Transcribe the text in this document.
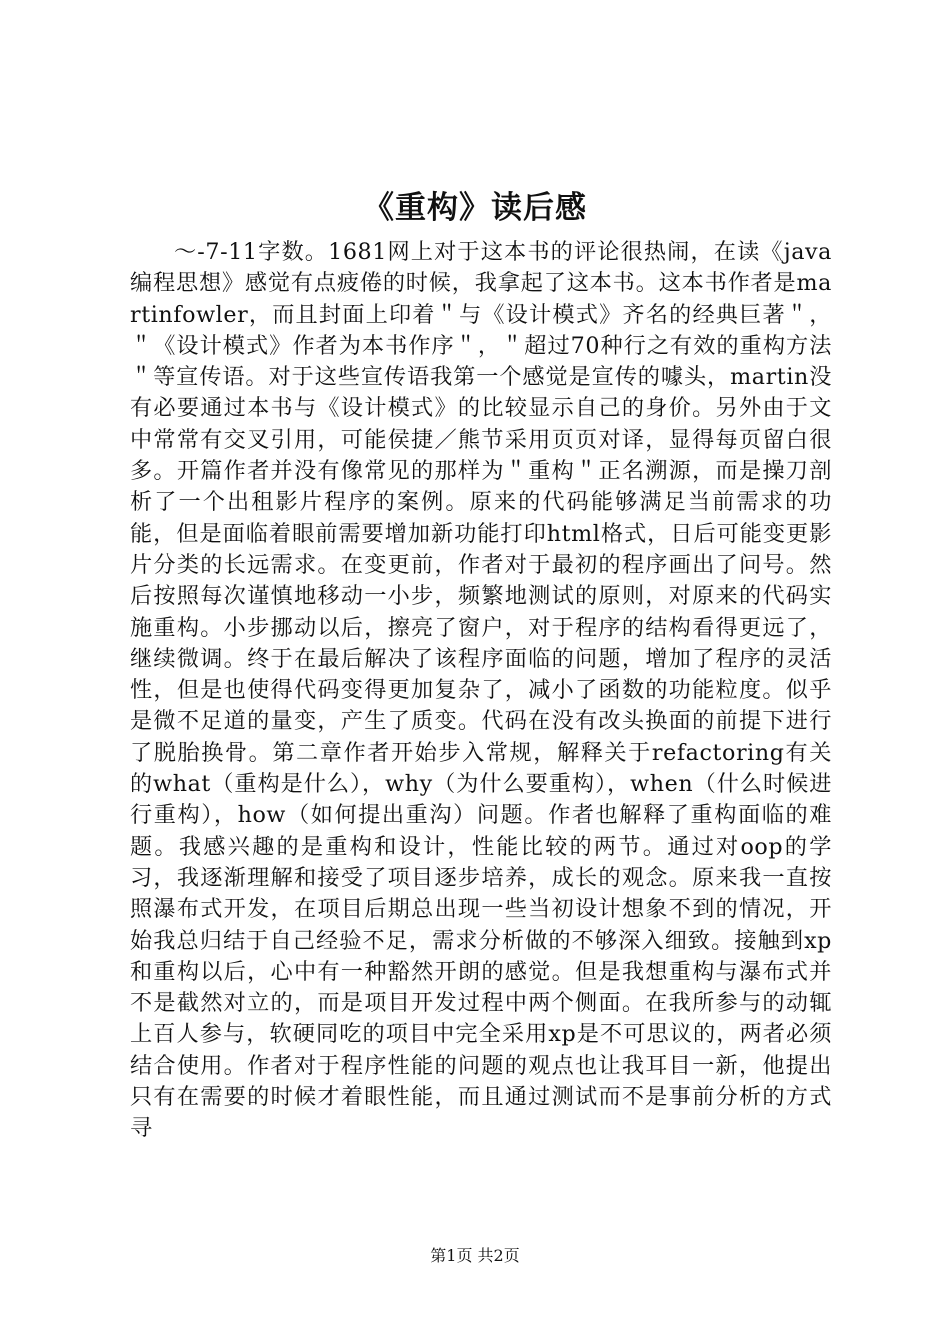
《重构》读后感

～-7-11字数。1681网上对于这本书的评论很热闹，在读《java编程思想》感觉有点疲倦的时候，我拿起了这本书。这本书作者是martinfowler，而且封面上印着＂与《设计模式》齐名的经典巨著＂，＂《设计模式》作者为本书作序＂，＂超过70种行之有效的重构方法＂等宣传语。对于这些宣传语我第一个感觉是宣传的噱头，martin没有必要通过本书与《设计模式》的比较显示自己的身价。另外由于文中常常有交叉引用，可能侯捷／熊节采用页页对译，显得每页留白很多。开篇作者并没有像常见的那样为＂重构＂正名溯源，而是操刀剖析了一个出租影片程序的案例。原来的代码能够满足当前需求的功能，但是面临着眼前需要增加新功能打印html格式，日后可能变更影片分类的长远需求。在变更前，作者对于最初的程序画出了问号。然后按照每次谨慎地移动一小步，频繁地测试的原则，对原来的代码实施重构。小步挪动以后，擦亮了窗户，对于程序的结构看得更远了，继续微调。终于在最后解决了该程序面临的问题，增加了程序的灵活性，但是也使得代码变得更加复杂了，减小了函数的功能粒度。似乎是微不足道的量变，产生了质变。代码在没有改头换面的前提下进行了脱胎换骨。第二章作者开始步入常规，解释关于refactoring有关的what（重构是什么），why（为什么要重构），when（什么时候进行重构），how（如何提出重沟）问题。作者也解释了重构面临的难题。我感兴趣的是重构和设计，性能比较的两节。通过对oop的学习，我逐渐理解和接受了项目逐步培养，成长的观念。原来我一直按照瀑布式开发，在项目后期总出现一些当初设计想象不到的情况，开始我总归结于自己经验不足，需求分析做的不够深入细致。接触到xp和重构以后，心中有一种豁然开朗的感觉。但是我想重构与瀑布式并不是截然对立的，而是项目开发过程中两个侧面。在我所参与的动辄上百人参与，软硬同吃的项目中完全采用xp是不可思议的，两者必须结合使用。作者对于程序性能的问题的观点也让我耳目一新，他提出只有在需要的时候才着眼性能，而且通过测试而不是事前分析的方式寻

第1页 共2页
